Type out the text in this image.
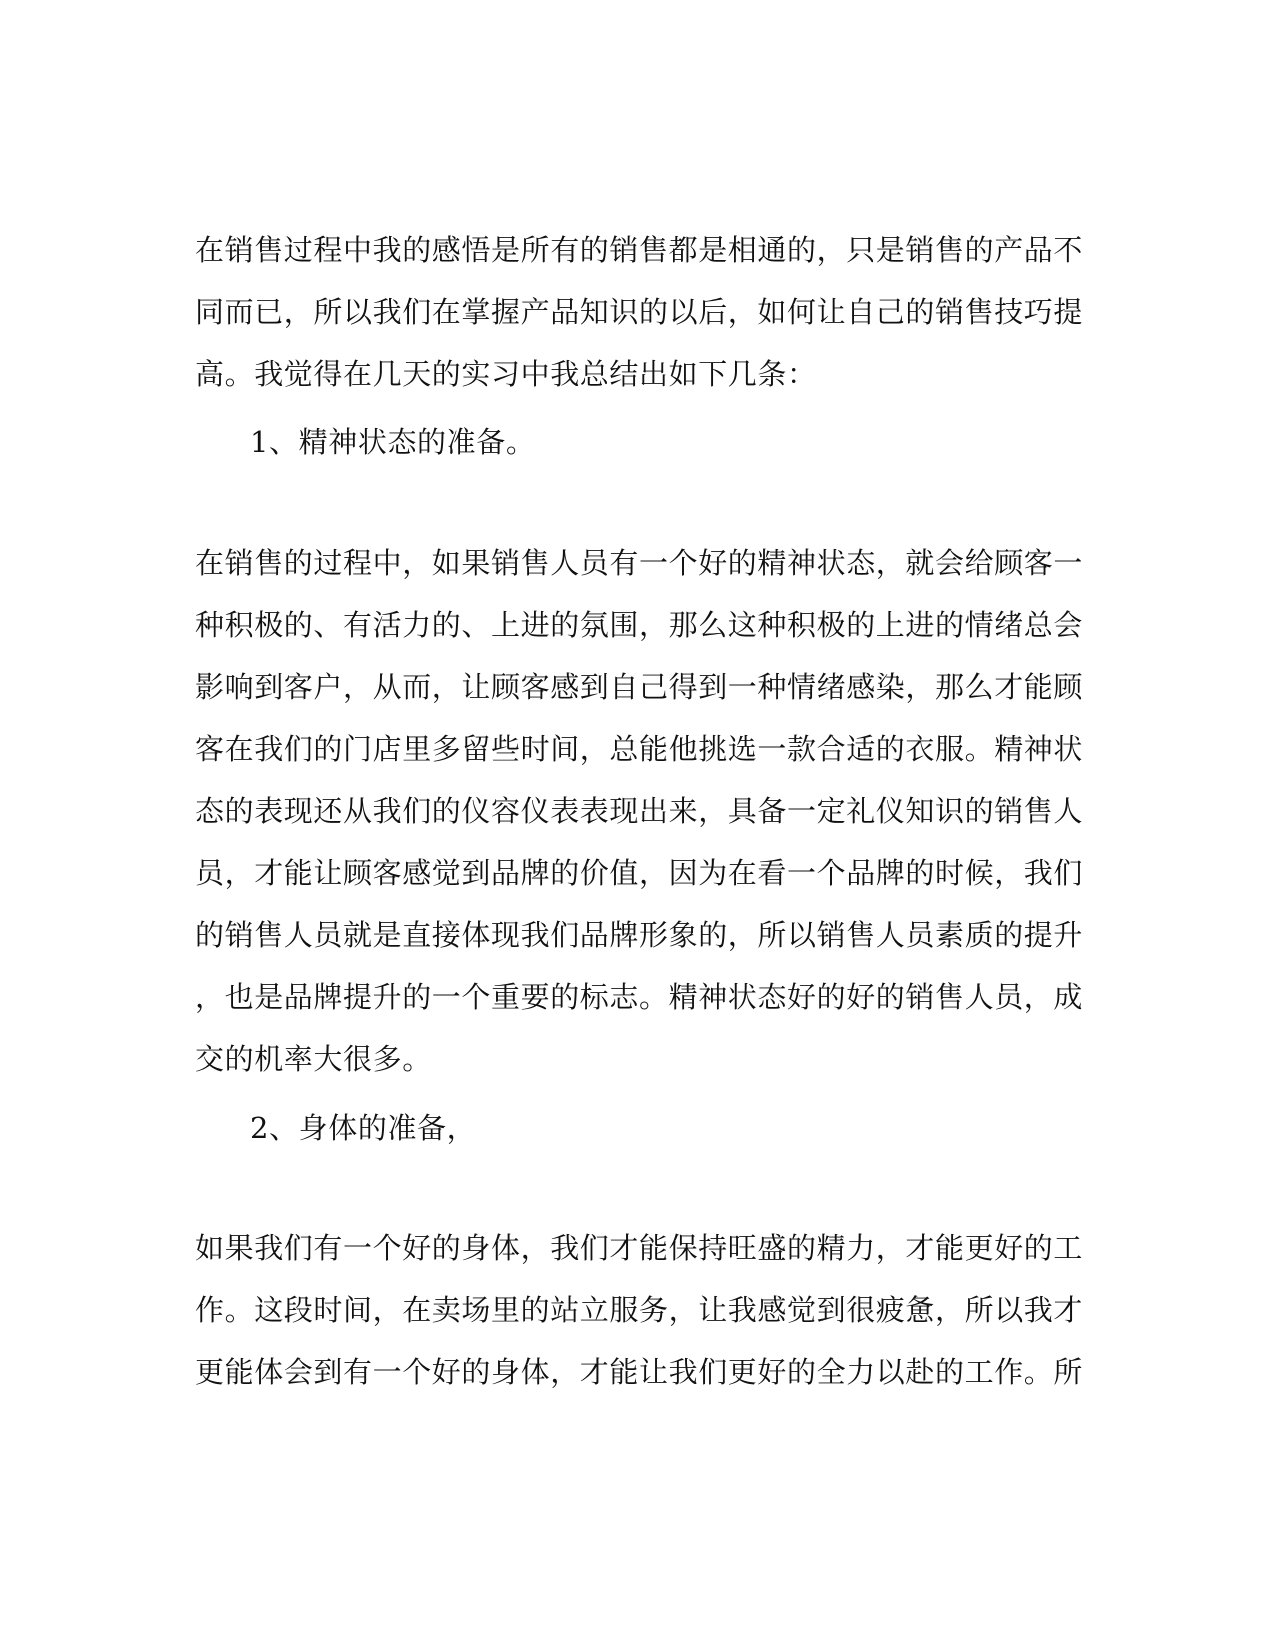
在销售过程中我的感悟是所有的销售都是相通的，只是销售的产品不
同而已，所以我们在掌握产品知识的以后，如何让自己的销售技巧提
高。我觉得在几天的实习中我总结出如下几条：
1、精神状态的准备。
在销售的过程中，如果销售人员有一个好的精神状态，就会给顾客一
种积极的、有活力的、上进的氛围，那么这种积极的上进的情绪总会
影响到客户，从而，让顾客感到自己得到一种情绪感染，那么才能顾
客在我们的门店里多留些时间，总能他挑选一款合适的衣服。精神状
态的表现还从我们的仪容仪表表现出来，具备一定礼仪知识的销售人
员，才能让顾客感觉到品牌的价值，因为在看一个品牌的时候，我们
的销售人员就是直接体现我们品牌形象的，所以销售人员素质的提升
，也是品牌提升的一个重要的标志。精神状态好的好的销售人员，成
交的机率大很多。
2、身体的准备，
如果我们有一个好的身体，我们才能保持旺盛的精力，才能更好的工
作。这段时间，在卖场里的站立服务，让我感觉到很疲惫，所以我才
更能体会到有一个好的身体，才能让我们更好的全力以赴的工作。所
